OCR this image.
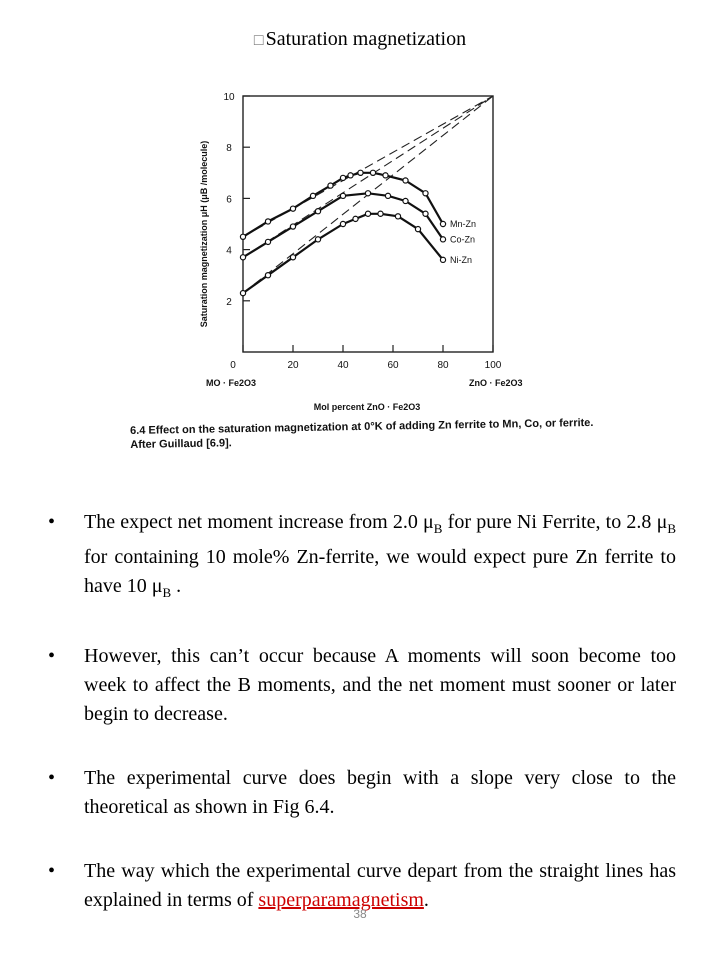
□ Saturation magnetization
2
4
6
8
10
0	20	40	60	80	100
Mn-Zn
Co-Zn
Ni-Zn
Saturation magnetization μH (μB /molecule)
MO · Fe2O3	ZnO · Fe2O3
Mol percent ZnO · Fe2O3
6.4 Effect on the saturation magnetization at 0°K of adding Zn ferrite to Mn, Co, or ferrite. After Guillaud [6.9].
• The expect net moment increase from 2.0 $\mu_B$ for pure Ni Ferrite, to 2.8 $\mu_B$ for containing 10 mole% Zn-ferrite, we would expect pure Zn ferrite to have 10 $\mu_B$ .
• However, this can’t occur because A moments will soon become too week to affect the B moments, and the net moment must sooner or later begin to decrease.
• The experimental curve does begin with a slope very close to the theoretical as shown in Fig 6.4.
• The way which the experimental curve depart from the straight lines has explained in terms of superparamagnetism.
38
